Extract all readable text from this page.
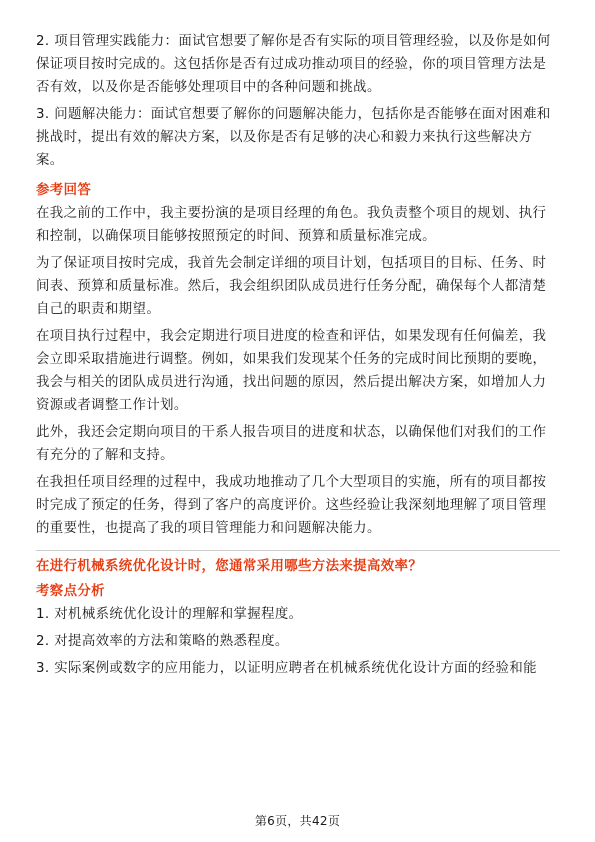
2. 项目管理实践能力：面试官想要了解你是否有实际的项目管理经验，以及你是如何保证项目按时完成的。这包括你是否有过成功推动项目的经验，你的项目管理方法是否有效，以及你是否能够处理项目中的各种问题和挑战。

3. 问题解决能力：面试官想要了解你的问题解决能力，包括你是否能够在面对困难和挑战时，提出有效的解决方案，以及你是否有足够的决心和毅力来执行这些解决方案。

参考回答

在我之前的工作中，我主要扮演的是项目经理的角色。我负责整个项目的规划、执行和控制，以确保项目能够按照预定的时间、预算和质量标准完成。

为了保证项目按时完成，我首先会制定详细的项目计划，包括项目的目标、任务、时间表、预算和质量标准。然后，我会组织团队成员进行任务分配，确保每个人都清楚自己的职责和期望。

在项目执行过程中，我会定期进行项目进度的检查和评估，如果发现有任何偏差，我会立即采取措施进行调整。例如，如果我们发现某个任务的完成时间比预期的要晚，我会与相关的团队成员进行沟通，找出问题的原因，然后提出解决方案，如增加人力资源或者调整工作计划。

此外，我还会定期向项目的干系人报告项目的进度和状态，以确保他们对我们的工作有充分的了解和支持。

在我担任项目经理的过程中，我成功地推动了几个大型项目的实施，所有的项目都按时完成了预定的任务，得到了客户的高度评价。这些经验让我深刻地理解了项目管理的重要性，也提高了我的项目管理能力和问题解决能力。

在进行机械系统优化设计时，您通常采用哪些方法来提高效率？
考察点分析

1. 对机械系统优化设计的理解和掌握程度。

2. 对提高效率的方法和策略的熟悉程度。

3. 实际案例或数字的应用能力，以证明应聘者在机械系统优化设计方面的经验和能

第6页，共42页
